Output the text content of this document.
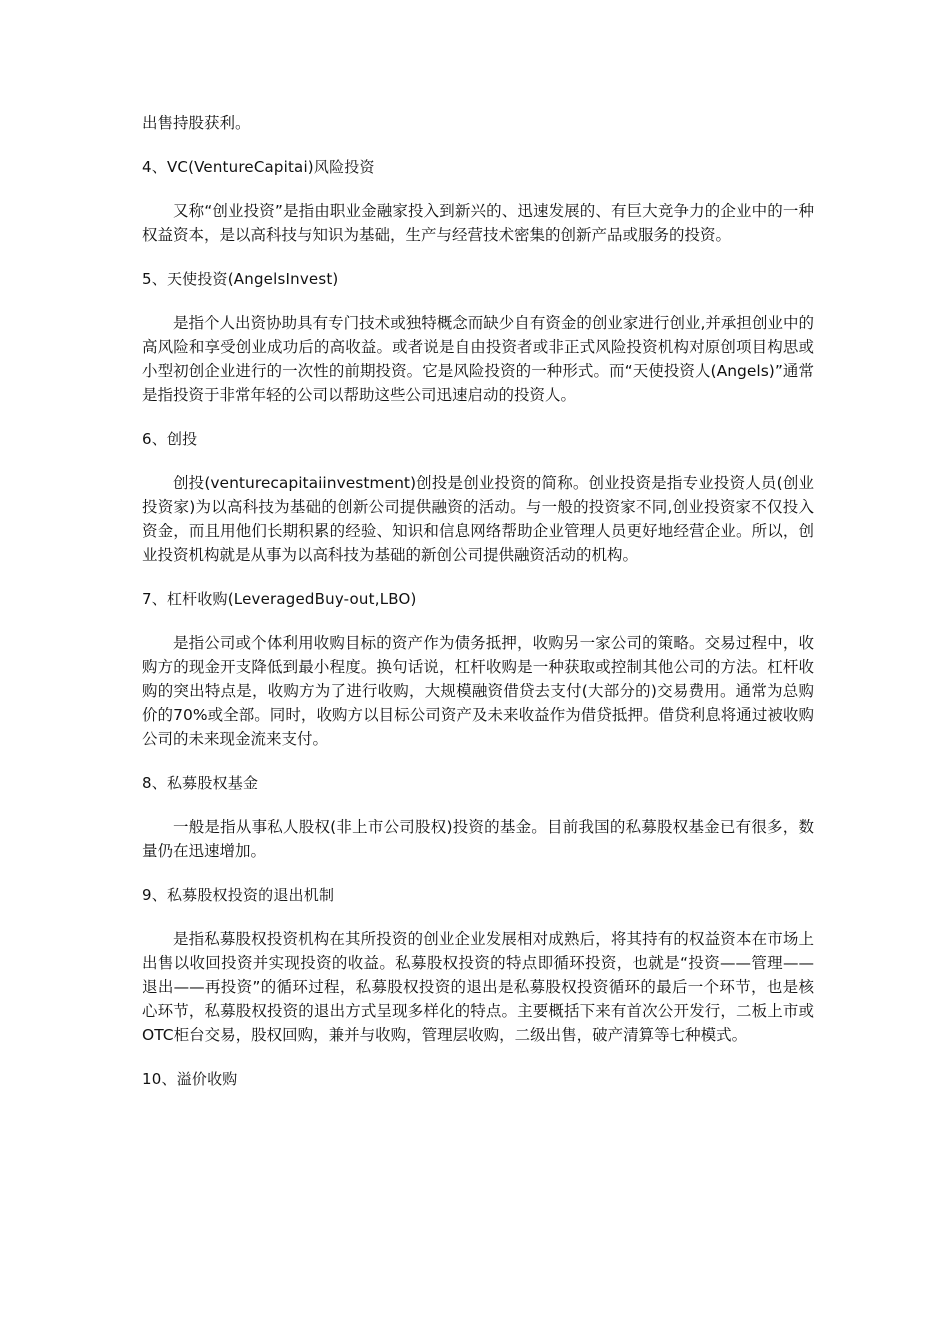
出售持股获利。

4、VC(VentureCapitai)风险投资

又称“创业投资”是指由职业金融家投入到新兴的、迅速发展的、有巨大竞争力的企业中的一种权益资本，是以高科技与知识为基础，生产与经营技术密集的创新产品或服务的投资。

5、天使投资(AngelsInvest)

是指个人出资协助具有专门技术或独特概念而缺少自有资金的创业家进行创业,并承担创业中的高风险和享受创业成功后的高收益。或者说是自由投资者或非正式风险投资机构对原创项目构思或小型初创企业进行的一次性的前期投资。它是风险投资的一种形式。而“天使投资人(Angels)”通常是指投资于非常年轻的公司以帮助这些公司迅速启动的投资人。

6、创投

创投(venturecapitaiinvestment)创投是创业投资的简称。创业投资是指专业投资人员(创业投资家)为以高科技为基础的创新公司提供融资的活动。与一般的投资家不同,创业投资家不仅投入资金，而且用他们长期积累的经验、知识和信息网络帮助企业管理人员更好地经营企业。所以，创业投资机构就是从事为以高科技为基础的新创公司提供融资活动的机构。

7、杠杆收购(LeveragedBuy-out,LBO)

是指公司或个体利用收购目标的资产作为债务抵押，收购另一家公司的策略。交易过程中，收购方的现金开支降低到最小程度。换句话说，杠杆收购是一种获取或控制其他公司的方法。杠杆收购的突出特点是，收购方为了进行收购，大规模融资借贷去支付(大部分的)交易费用。通常为总购价的70%或全部。同时，收购方以目标公司资产及未来收益作为借贷抵押。借贷利息将通过被收购公司的未来现金流来支付。

8、私募股权基金

一般是指从事私人股权(非上市公司股权)投资的基金。目前我国的私募股权基金已有很多，数量仍在迅速增加。

9、私募股权投资的退出机制

是指私募股权投资机构在其所投资的创业企业发展相对成熟后，将其持有的权益资本在市场上出售以收回投资并实现投资的收益。私募股权投资的特点即循环投资，也就是“投资——管理——退出——再投资”的循环过程，私募股权投资的退出是私募股权投资循环的最后一个环节，也是核心环节，私募股权投资的退出方式呈现多样化的特点。主要概括下来有首次公开发行，二板上市或OTC柜台交易，股权回购，兼并与收购，管理层收购，二级出售，破产清算等七种模式。

10、溢价收购
